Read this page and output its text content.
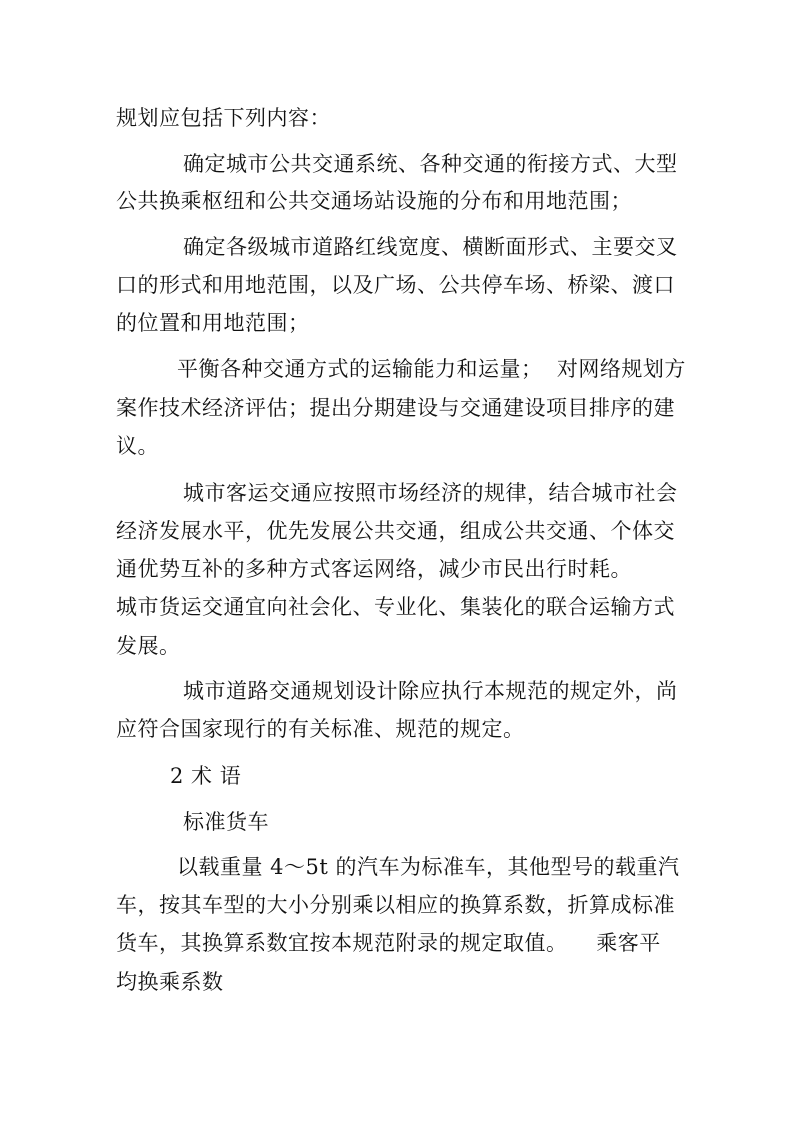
规划应包括下列内容：
确定城市公共交通系统、各种交通的衔接方式、大型
公共换乘枢纽和公共交通场站设施的分布和用地范围；
确定各级城市道路红线宽度、横断面形式、主要交叉
口的形式和用地范围，以及广场、公共停车场、桥梁、渡口
的位置和用地范围；
平衡各种交通方式的运输能力和运量；  对网络规划方
案作技术经济评估；提出分期建设与交通建设项目排序的建
议。
城市客运交通应按照市场经济的规律，结合城市社会
经济发展水平，优先发展公共交通，组成公共交通、个体交
通优势互补的多种方式客运网络，减少市民出行时耗。
城市货运交通宜向社会化、专业化、集装化的联合运输方式
发展。
城市道路交通规划设计除应执行本规范的规定外，尚
应符合国家现行的有关标准、规范的规定。
2 术 语
标准货车
以载重量 4～5t 的汽车为标准车，其他型号的载重汽
车，按其车型的大小分别乘以相应的换算系数，折算成标准
货车，其换算系数宜按本规范附录的规定取值。    乘客平
均换乘系数
